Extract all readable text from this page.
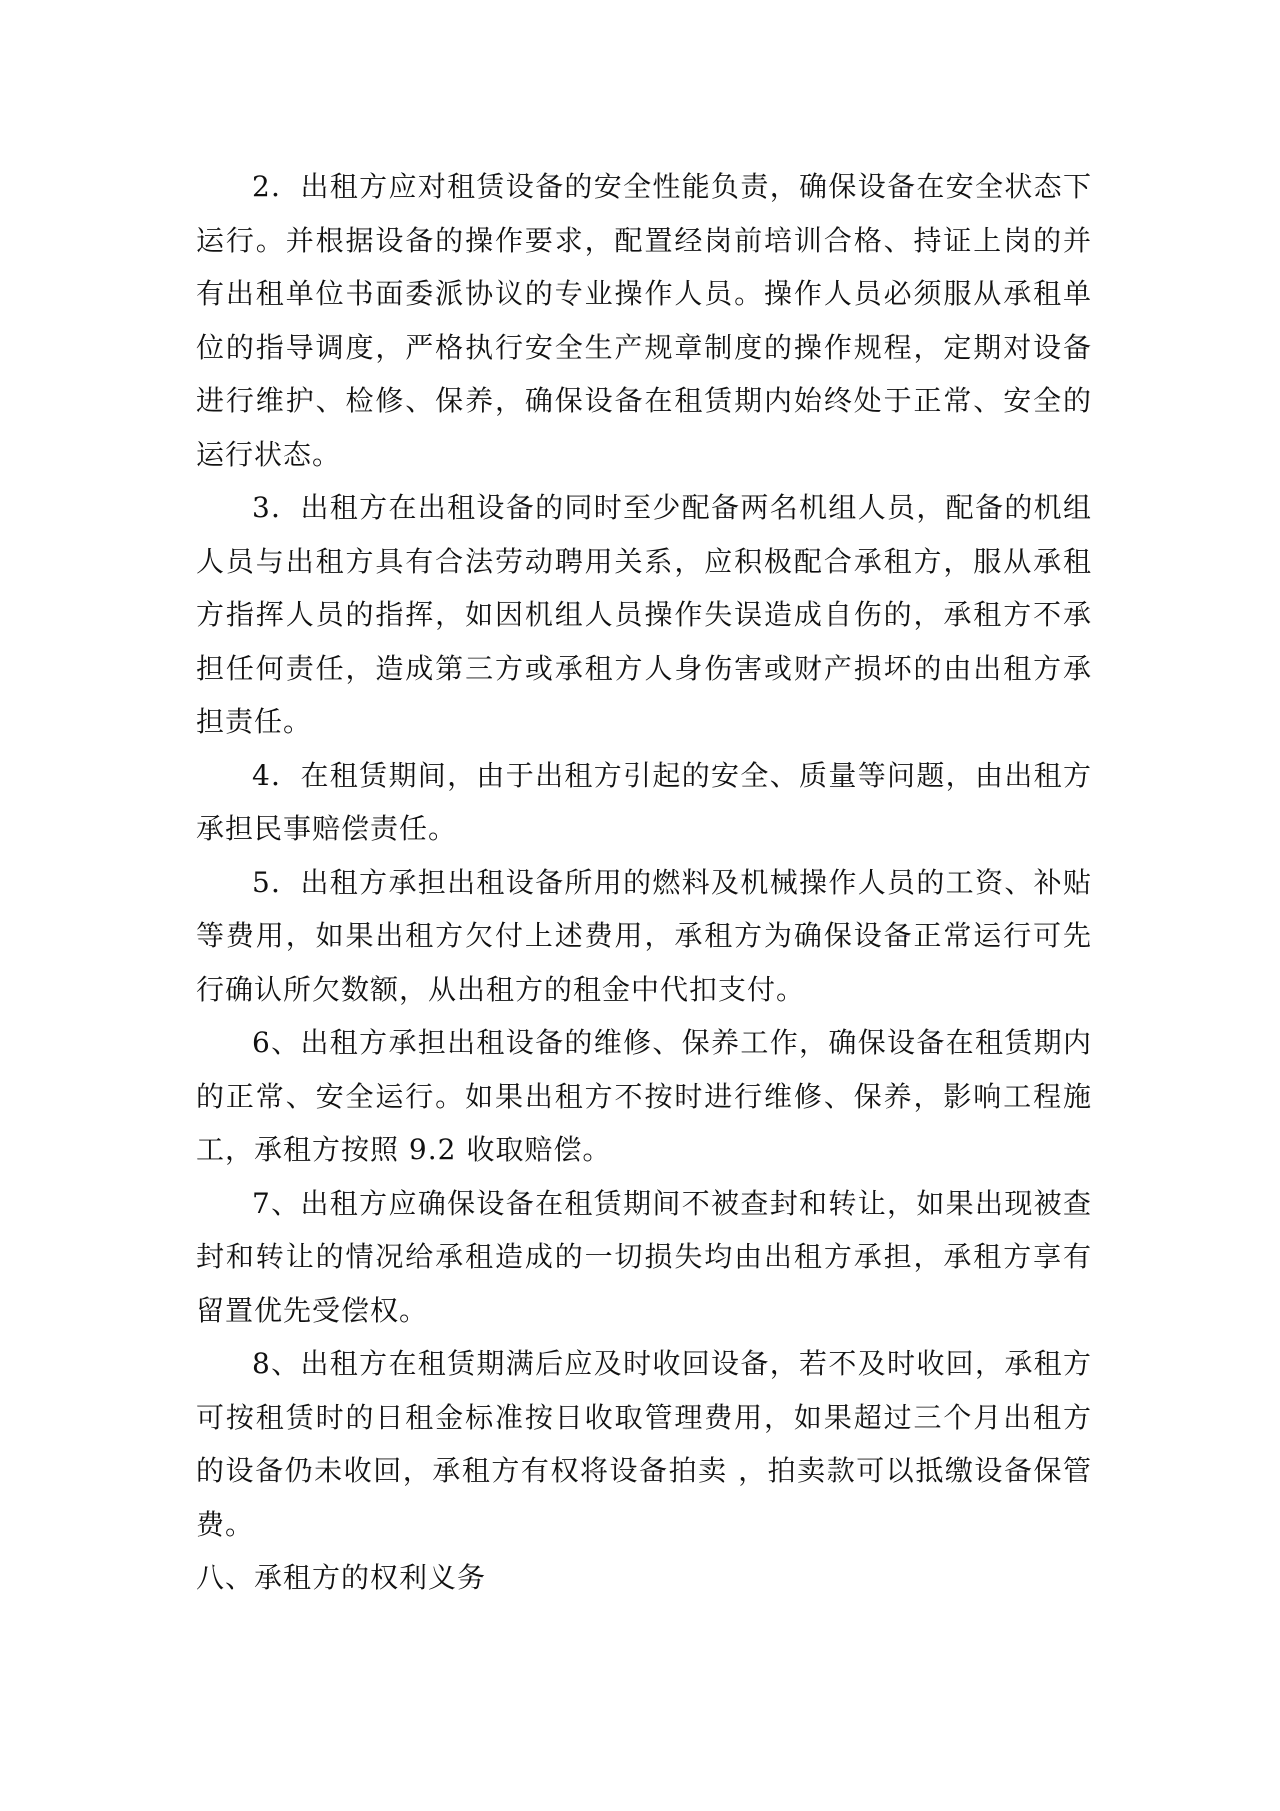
2．出租方应对租赁设备的安全性能负责，确保设备在安全状态下运行。并根据设备的操作要求，配置经岗前培训合格、持证上岗的并有出租单位书面委派协议的专业操作人员。操作人员必须服从承租单位的指导调度，严格执行安全生产规章制度的操作规程，定期对设备进行维护、检修、保养，确保设备在租赁期内始终处于正常、安全的运行状态。

3．出租方在出租设备的同时至少配备两名机组人员，配备的机组人员与出租方具有合法劳动聘用关系，应积极配合承租方，服从承租方指挥人员的指挥，如因机组人员操作失误造成自伤的，承租方不承担任何责任，造成第三方或承租方人身伤害或财产损坏的由出租方承担责任。

4．在租赁期间，由于出租方引起的安全、质量等问题，由出租方承担民事赔偿责任。

5．出租方承担出租设备所用的燃料及机械操作人员的工资、补贴等费用，如果出租方欠付上述费用，承租方为确保设备正常运行可先行确认所欠数额，从出租方的租金中代扣支付。

6、出租方承担出租设备的维修、保养工作，确保设备在租赁期内的正常、安全运行。如果出租方不按时进行维修、保养，影响工程施工，承租方按照 9.2 收取赔偿。

7、出租方应确保设备在租赁期间不被查封和转让，如果出现被查封和转让的情况给承租造成的一切损失均由出租方承担，承租方享有留置优先受偿权。

8、出租方在租赁期满后应及时收回设备，若不及时收回，承租方可按租赁时的日租金标准按日收取管理费用，如果超过三个月出租方的设备仍未收回，承租方有权将设备拍卖 ，拍卖款可以抵缴设备保管费。

八、承租方的权利义务
